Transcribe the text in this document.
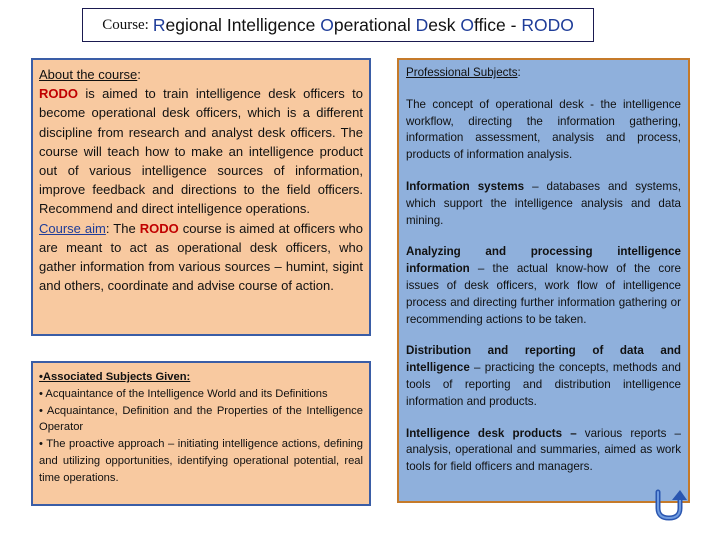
Course: Regional Intelligence Operational Desk Office - RODO
About the course:
RODO is aimed to train intelligence desk officers to become operational desk officers, which is a different discipline from research and analyst desk officers. The course will teach how to make an intelligence product out of various intelligence sources of information, improve feedback and directions to the field officers. Recommend and direct intelligence operations.
Course aim: The RODO course is aimed at officers who are meant to act as operational desk officers, who gather information from various sources – humint, sigint and others, coordinate and advise course of action.
•Associated Subjects Given:
• Acquaintance of the Intelligence World and its Definitions
• Acquaintance, Definition and the Properties of the Intelligence Operator
• The proactive approach – initiating intelligence actions, defining and utilizing opportunities, identifying operational potential, real time operations.
Professional Subjects:
The concept of operational desk - the intelligence workflow, directing the information gathering, information assessment, analysis and process, products of information analysis.
Information systems – databases and systems, which support the intelligence analysis and data mining.
Analyzing and processing intelligence information – the actual know-how of the core issues of desk officers, work flow of intelligence process and directing further information gathering or recommending actions to be taken.
Distribution and reporting of data and intelligence – practicing the concepts, methods and tools of reporting and distribution intelligence information and products.
Intelligence desk products – various reports – analysis, operational and summaries, aimed as work tools for field officers and managers.
